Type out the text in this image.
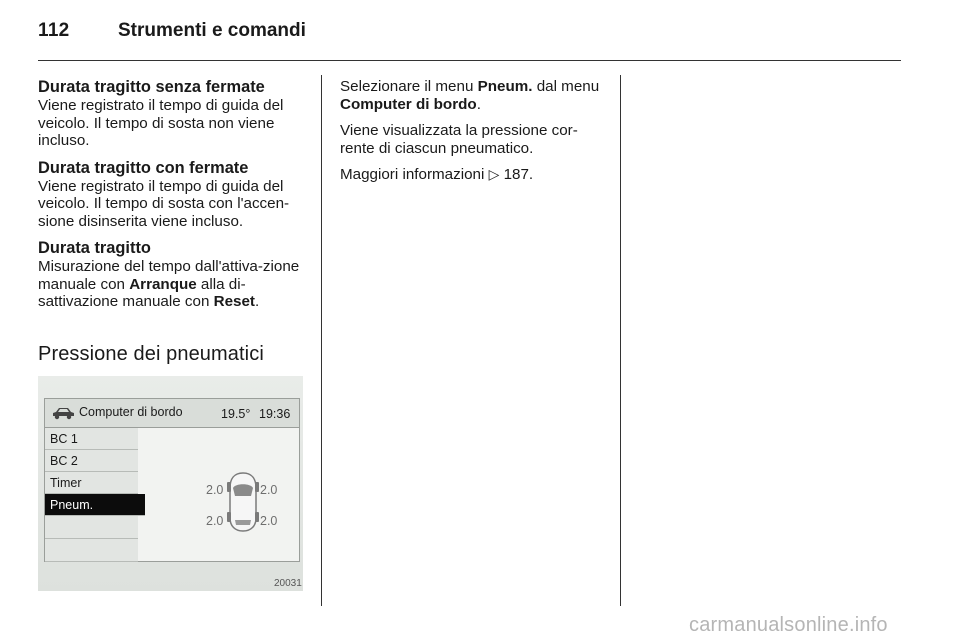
112	Strumenti e comandi
Durata tragitto senza fermate

Viene registrato il tempo di guida del veicolo. Il tempo di sosta non viene incluso.

Durata tragitto con fermate

Viene registrato il tempo di guida del veicolo. Il tempo di sosta con l'accen-sione disinserita viene incluso.

Durata tragitto

Misurazione del tempo dall'attiva-zione manuale con Arranque alla di-sattivazione manuale con Reset.

Pressione dei pneumatici
Computer di bordo	19.5° 19:36
BC 1
BC 2
Timer
Pneum.
2.0	2.0
2.0	2.0
20031

Selezionare il menu Pneum. dal menu Computer di bordo.

Viene visualizzata la pressione cor-rente di ciascun pneumatico.

Maggiori informazioni ▷ 187.

carmanualsonline.info
